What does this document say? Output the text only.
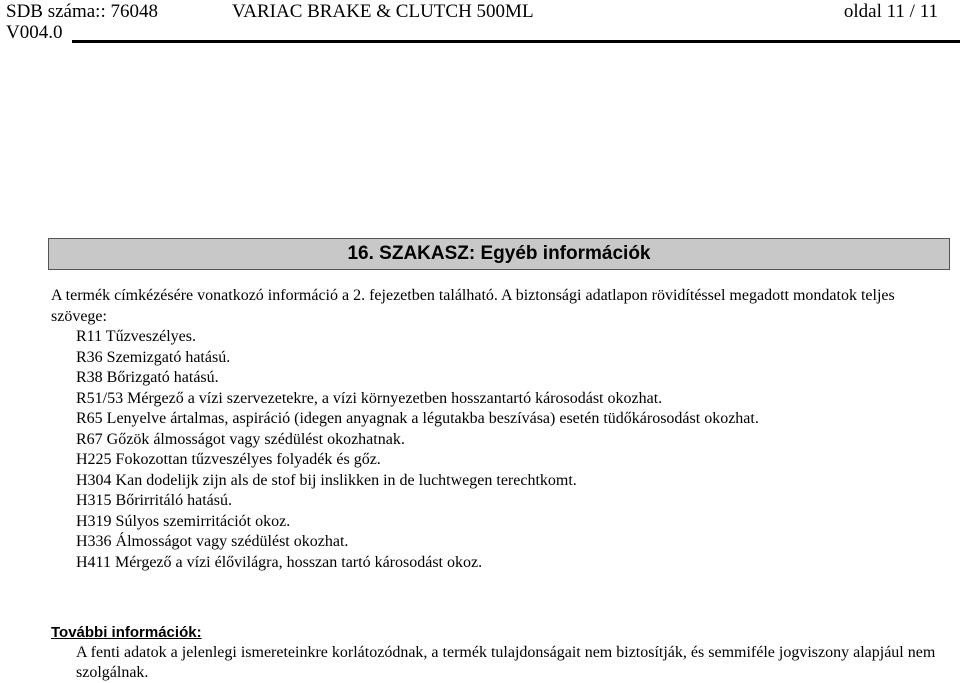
SDB száma:: 76048	VARIAC BRAKE & CLUTCH 500ML	oldal 11 / 11
V004.0
16. SZAKASZ: Egyéb információk

A termék címkézésére vonatkozó információ a 2. fejezetben található. A biztonsági adatlapon rövidítéssel megadott mondatok teljes szövege:

R11 Tűzveszélyes.
R36 Szemizgató hatású.
R38 Bőrizgató hatású.
R51/53 Mérgező a vízi szervezetekre, a vízi környezetben hosszantartó károsodást okozhat.
R65 Lenyelve ártalmas, aspiráció (idegen anyagnak a légutakba beszívása) esetén tüdőkárosodást okozhat.
R67 Gőzök álmosságot vagy szédülést okozhatnak.
H225 Fokozottan tűzveszélyes folyadék és gőz.
H304 Kan dodelijk zijn als de stof bij inslikken in de luchtwegen terechtkomt.
H315 Bőrirritáló hatású.
H319 Súlyos szemirritációt okoz.
H336 Álmosságot vagy szédülést okozhat.
H411 Mérgező a vízi élővilágra, hosszan tartó károsodást okoz.
További információk:

A fenti adatok a jelenlegi ismereteinkre korlátozódnak, a termék tulajdonságait nem biztosítják, és semmiféle jogviszony alapjául nem szolgálnak.
